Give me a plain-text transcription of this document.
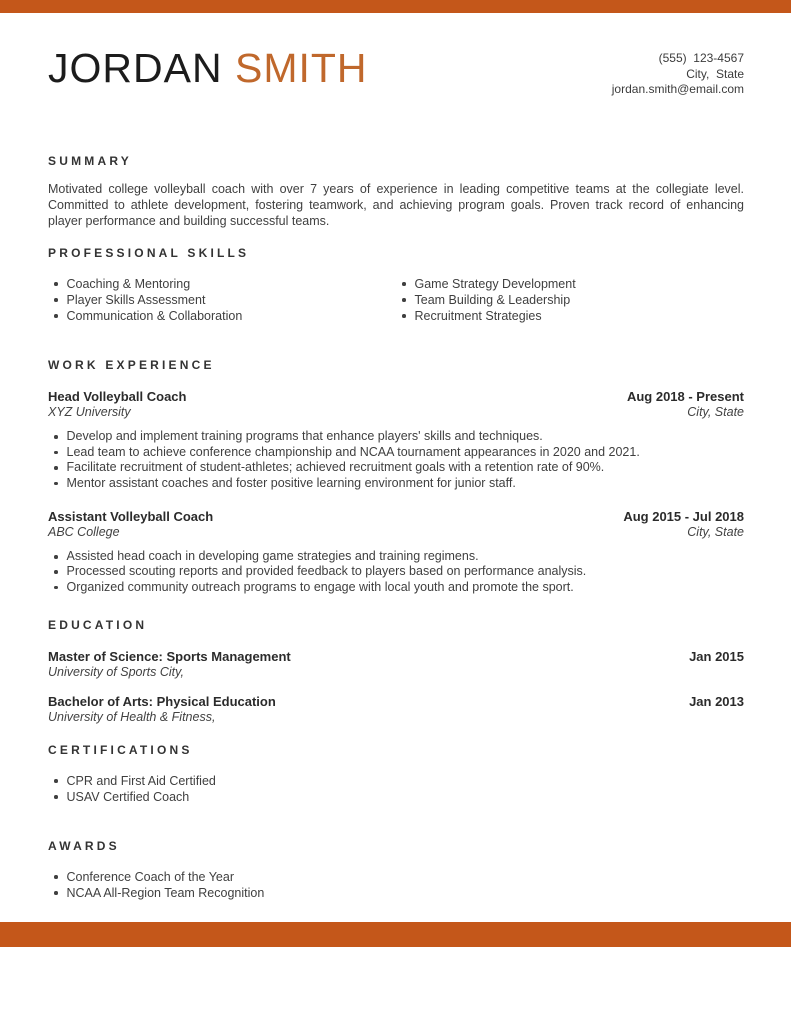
JORDAN SMITH	(555)  123-4567
City,  State
jordan.smith@email.com
SUMMARY

Motivated college volleyball coach with over 7 years of experience in leading competitive teams at the collegiate level. Committed to athlete development, fostering teamwork, and achieving program goals. Proven track record of enhancing player performance and building successful teams.

PROFESSIONAL SKILLS
Coaching & Mentoring
Player Skills Assessment
Communication & Collaboration
Game Strategy Development
Team Building & Leadership
Recruitment Strategies
WORK EXPERIENCE
Head Volleyball Coach	Aug 2018 - Present
XYZ University	City, State
Develop and implement training programs that enhance players' skills and techniques.
Lead team to achieve conference championship and NCAA tournament appearances in 2020 and 2021.
Facilitate recruitment of student-athletes; achieved recruitment goals with a retention rate of 90%.
Mentor assistant coaches and foster positive learning environment for junior staff.
Assistant Volleyball Coach	Aug 2015 - Jul 2018
ABC College	City, State
Assisted head coach in developing game strategies and training regimens.
Processed scouting reports and provided feedback to players based on performance analysis.
Organized community outreach programs to engage with local youth and promote the sport.
EDUCATION
Master of Science: Sports Management	Jan 2015
University of Sports City,
Bachelor of Arts: Physical Education	Jan 2013
University of Health & Fitness,
CERTIFICATIONS
CPR and First Aid Certified
USAV Certified Coach
AWARDS
Conference Coach of the Year
NCAA All-Region Team Recognition
